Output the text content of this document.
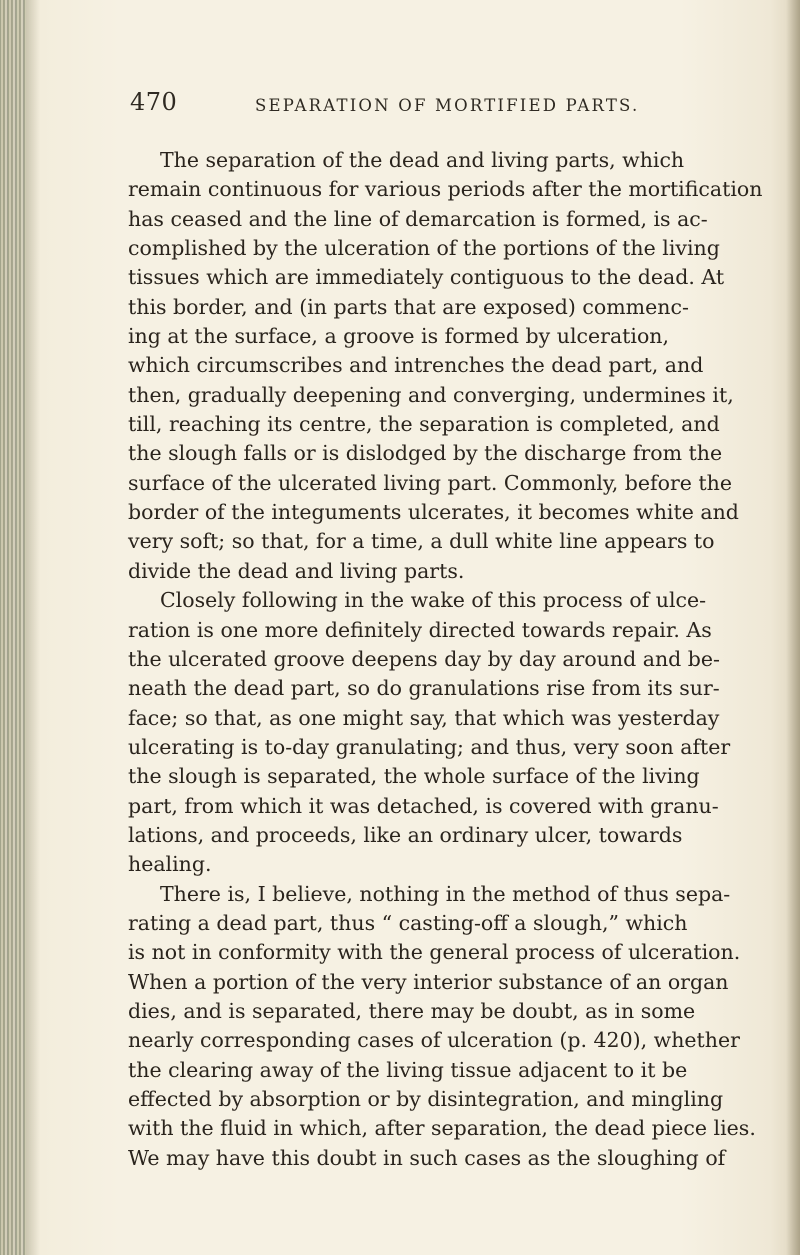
470	SEPARATION OF MORTIFIED PARTS.
The separation of the dead and living parts, which
remain continuous for various periods after the mortification
has ceased and the line of demarcation is formed, is ac-
complished by the ulceration of the portions of the living
tissues which are immediately contiguous to the dead. At
this border, and (in parts that are exposed) commenc-
ing at the surface, a groove is formed by ulceration,
which circumscribes and intrenches the dead part, and
then, gradually deepening and converging, undermines it,
till, reaching its centre, the separation is completed, and
the slough falls or is dislodged by the discharge from the
surface of the ulcerated living part. Commonly, before the
border of the integuments ulcerates, it becomes white and
very soft; so that, for a time, a dull white line appears to
divide the dead and living parts.
Closely following in the wake of this process of ulce-
ration is one more definitely directed towards repair. As
the ulcerated groove deepens day by day around and be-
neath the dead part, so do granulations rise from its sur-
face; so that, as one might say, that which was yesterday
ulcerating is to-day granulating; and thus, very soon after
the slough is separated, the whole surface of the living
part, from which it was detached, is covered with granu-
lations, and proceeds, like an ordinary ulcer, towards
healing.
There is, I believe, nothing in the method of thus sepa-
rating a dead part, thus “ casting-off a slough,” which
is not in conformity with the general process of ulceration.
When a portion of the very interior substance of an organ
dies, and is separated, there may be doubt, as in some
nearly corresponding cases of ulceration (p. 420), whether
the clearing away of the living tissue adjacent to it be
effected by absorption or by disintegration, and mingling
with the fluid in which, after separation, the dead piece lies.
We may have this doubt in such cases as the sloughing of
